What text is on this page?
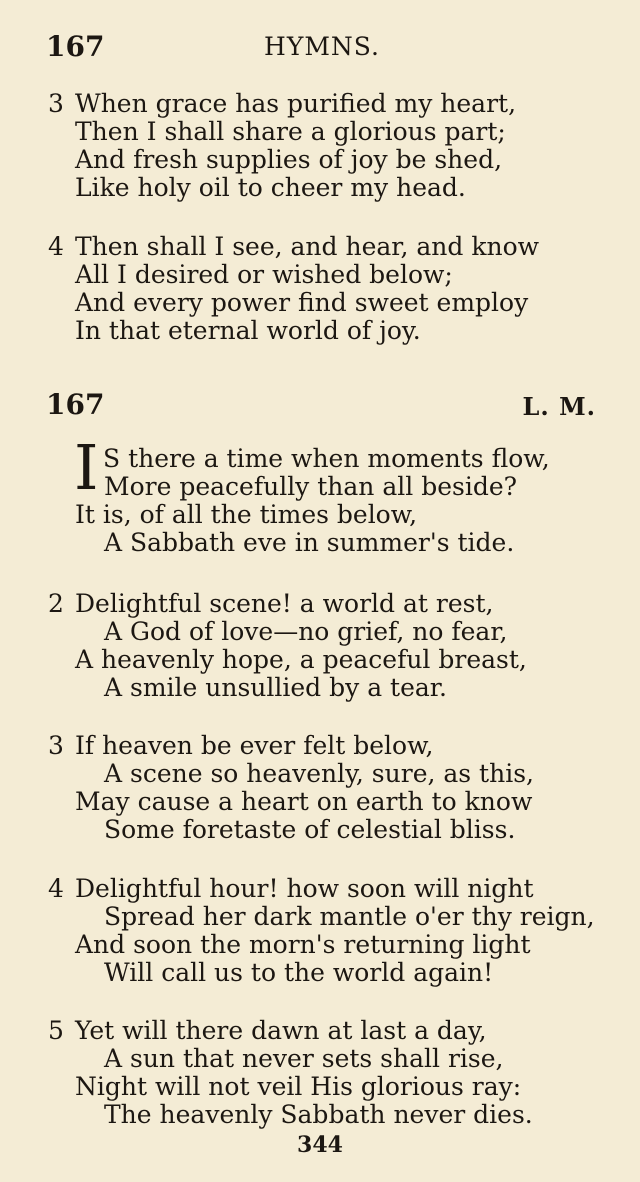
167	HYMNS.
3 When grace has purified my heart,
Then I shall share a glorious part;
And fresh supplies of joy be shed,
Like holy oil to cheer my head.
4 Then shall I see, and hear, and know
All I desired or wished below;
And every power find sweet employ
In that eternal world of joy.
167	L. M.
I S there a time when moments flow,
More peacefully than all beside?
It is, of all the times below,
A Sabbath eve in summer's tide.
2 Delightful scene! a world at rest,
A God of love—no grief, no fear,
A heavenly hope, a peaceful breast,
A smile unsullied by a tear.
3 If heaven be ever felt below,
A scene so heavenly, sure, as this,
May cause a heart on earth to know
Some foretaste of celestial bliss.
4 Delightful hour! how soon will night
Spread her dark mantle o'er thy reign,
And soon the morn's returning light
Will call us to the world again!
5 Yet will there dawn at last a day,
A sun that never sets shall rise,
Night will not veil His glorious ray:
The heavenly Sabbath never dies.
344
